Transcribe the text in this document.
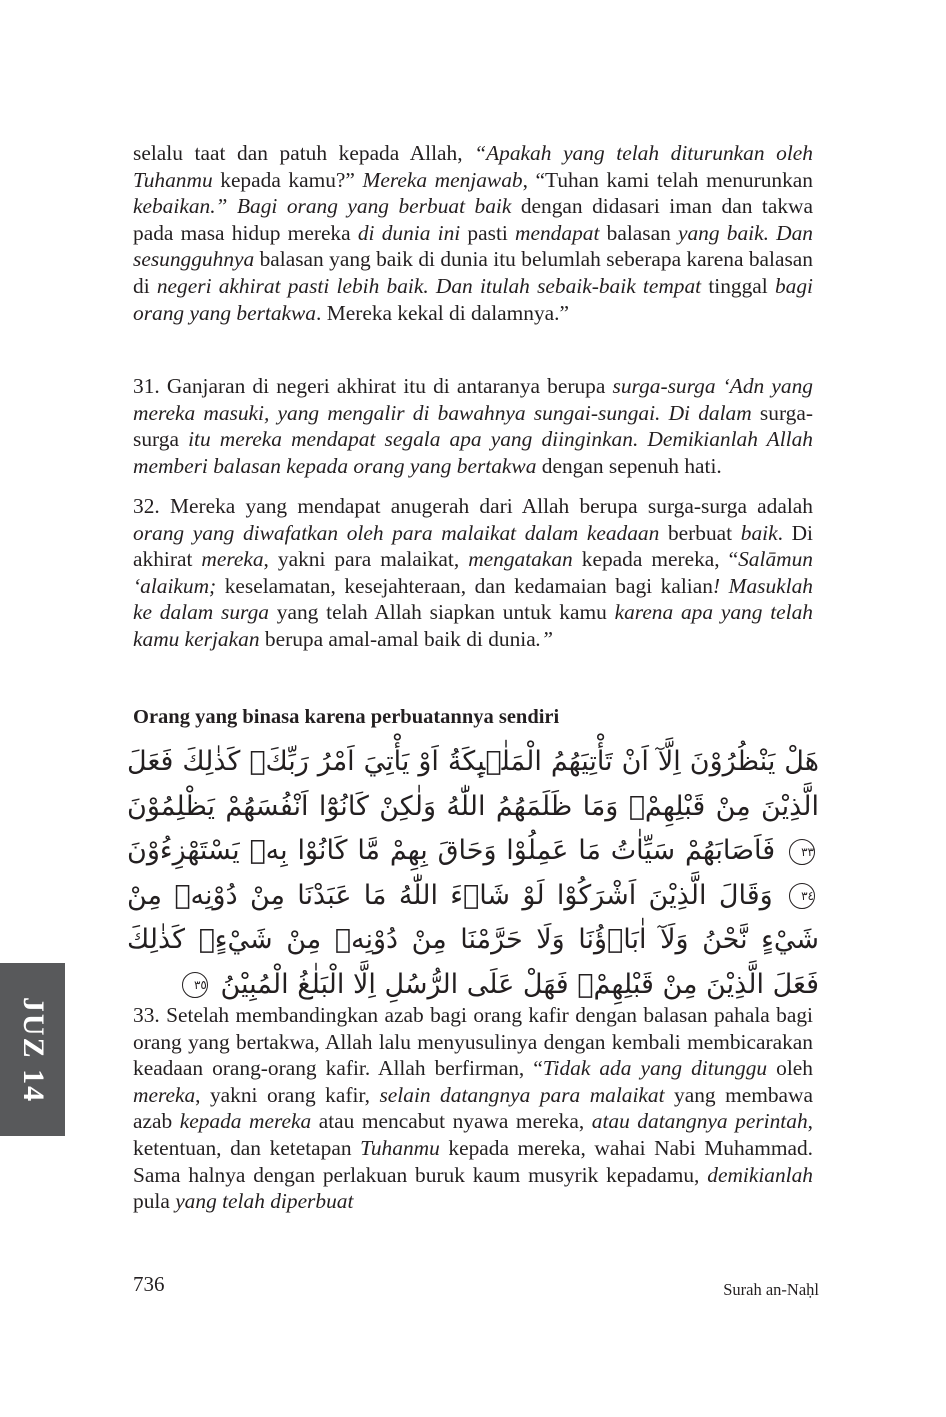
JUZ 14

selalu taat dan patuh kepada Allah, “Apakah yang telah diturunkan oleh Tuhanmu kepada kamu?” Mereka menjawab, “Tuhan kami telah menurunkan kebaikan.” Bagi orang yang berbuat baik dengan didasari iman dan takwa pada masa hidup mereka di dunia ini pasti mendapat balasan yang baik. Dan sesungguhnya balasan yang baik di dunia itu belumlah seberapa karena balasan di negeri akhirat pasti lebih baik. Dan itulah sebaik-baik tempat tinggal bagi orang yang bertakwa. Mereka kekal di dalamnya.”

31. Ganjaran di negeri akhirat itu di antaranya berupa surga-surga ‘Adn yang mereka masuki, yang mengalir di bawahnya sungai-sungai. Di dalam surga-surga itu mereka mendapat segala apa yang diinginkan. Demikianlah Allah memberi balasan kepada orang yang bertakwa dengan sepenuh hati.

32. Mereka yang mendapat anugerah dari Allah berupa surga-surga adalah orang yang diwafatkan oleh para malaikat dalam keadaan berbuat baik. Di akhirat mereka, yakni para malaikat, mengatakan kepada mereka, “Salāmun ‘alaikum; keselamatan, kesejahteraan, dan kedamaian bagi kalian! Masuklah ke dalam surga yang telah Allah siapkan untuk kamu karena apa yang telah kamu kerjakan berupa amal-amal baik di dunia.”

Orang yang binasa karena perbuatannya sendiri
هَلْ يَنْظُرُوْنَ اِلَّآ اَنْ تَأْتِيَهُمُ الْمَلٰۤىِٕكَةُ اَوْ يَأْتِيَ اَمْرُ رَبِّكَۗ كَذٰلِكَ فَعَلَ الَّذِيْنَ مِنْ قَبْلِهِمْۗ وَمَا ظَلَمَهُمُ اللّٰهُ وَلٰكِنْ كَانُوْٓا اَنْفُسَهُمْ يَظْلِمُوْنَ ٣٣ فَاَصَابَهُمْ سَيِّاٰتُ مَا عَمِلُوْا وَحَاقَ بِهِمْ مَّا كَانُوْا بِهٖ يَسْتَهْزِءُوْنَ ٣٤ وَقَالَ الَّذِيْنَ اَشْرَكُوْا لَوْ شَاۤءَ اللّٰهُ مَا عَبَدْنَا مِنْ دُوْنِهٖ مِنْ شَيْءٍ نَّحْنُ وَلَآ اٰبَاۤؤُنَا وَلَا حَرَّمْنَا مِنْ دُوْنِهٖ مِنْ شَيْءٍۗ كَذٰلِكَ فَعَلَ الَّذِيْنَ مِنْ قَبْلِهِمْۚ فَهَلْ عَلَى الرُّسُلِ اِلَّا الْبَلٰغُ الْمُبِيْنُ ٣٥

33. Setelah membandingkan azab bagi orang kafir dengan balasan pahala bagi orang yang bertakwa, Allah lalu menyusulinya dengan kembali membicarakan keadaan orang-orang kafir. Allah berfirman, “Tidak ada yang ditunggu oleh mereka, yakni orang kafir, selain datangnya para malaikat yang membawa azab kepada mereka atau mencabut nyawa mereka, atau datangnya perintah, ketentuan, dan ketetapan Tuhanmu kepada mereka, wahai Nabi Muhammad. Sama halnya dengan perlakuan buruk kaum musyrik kepadamu, demikianlah pula yang telah diperbuat

736	Surah an-Naḥl
